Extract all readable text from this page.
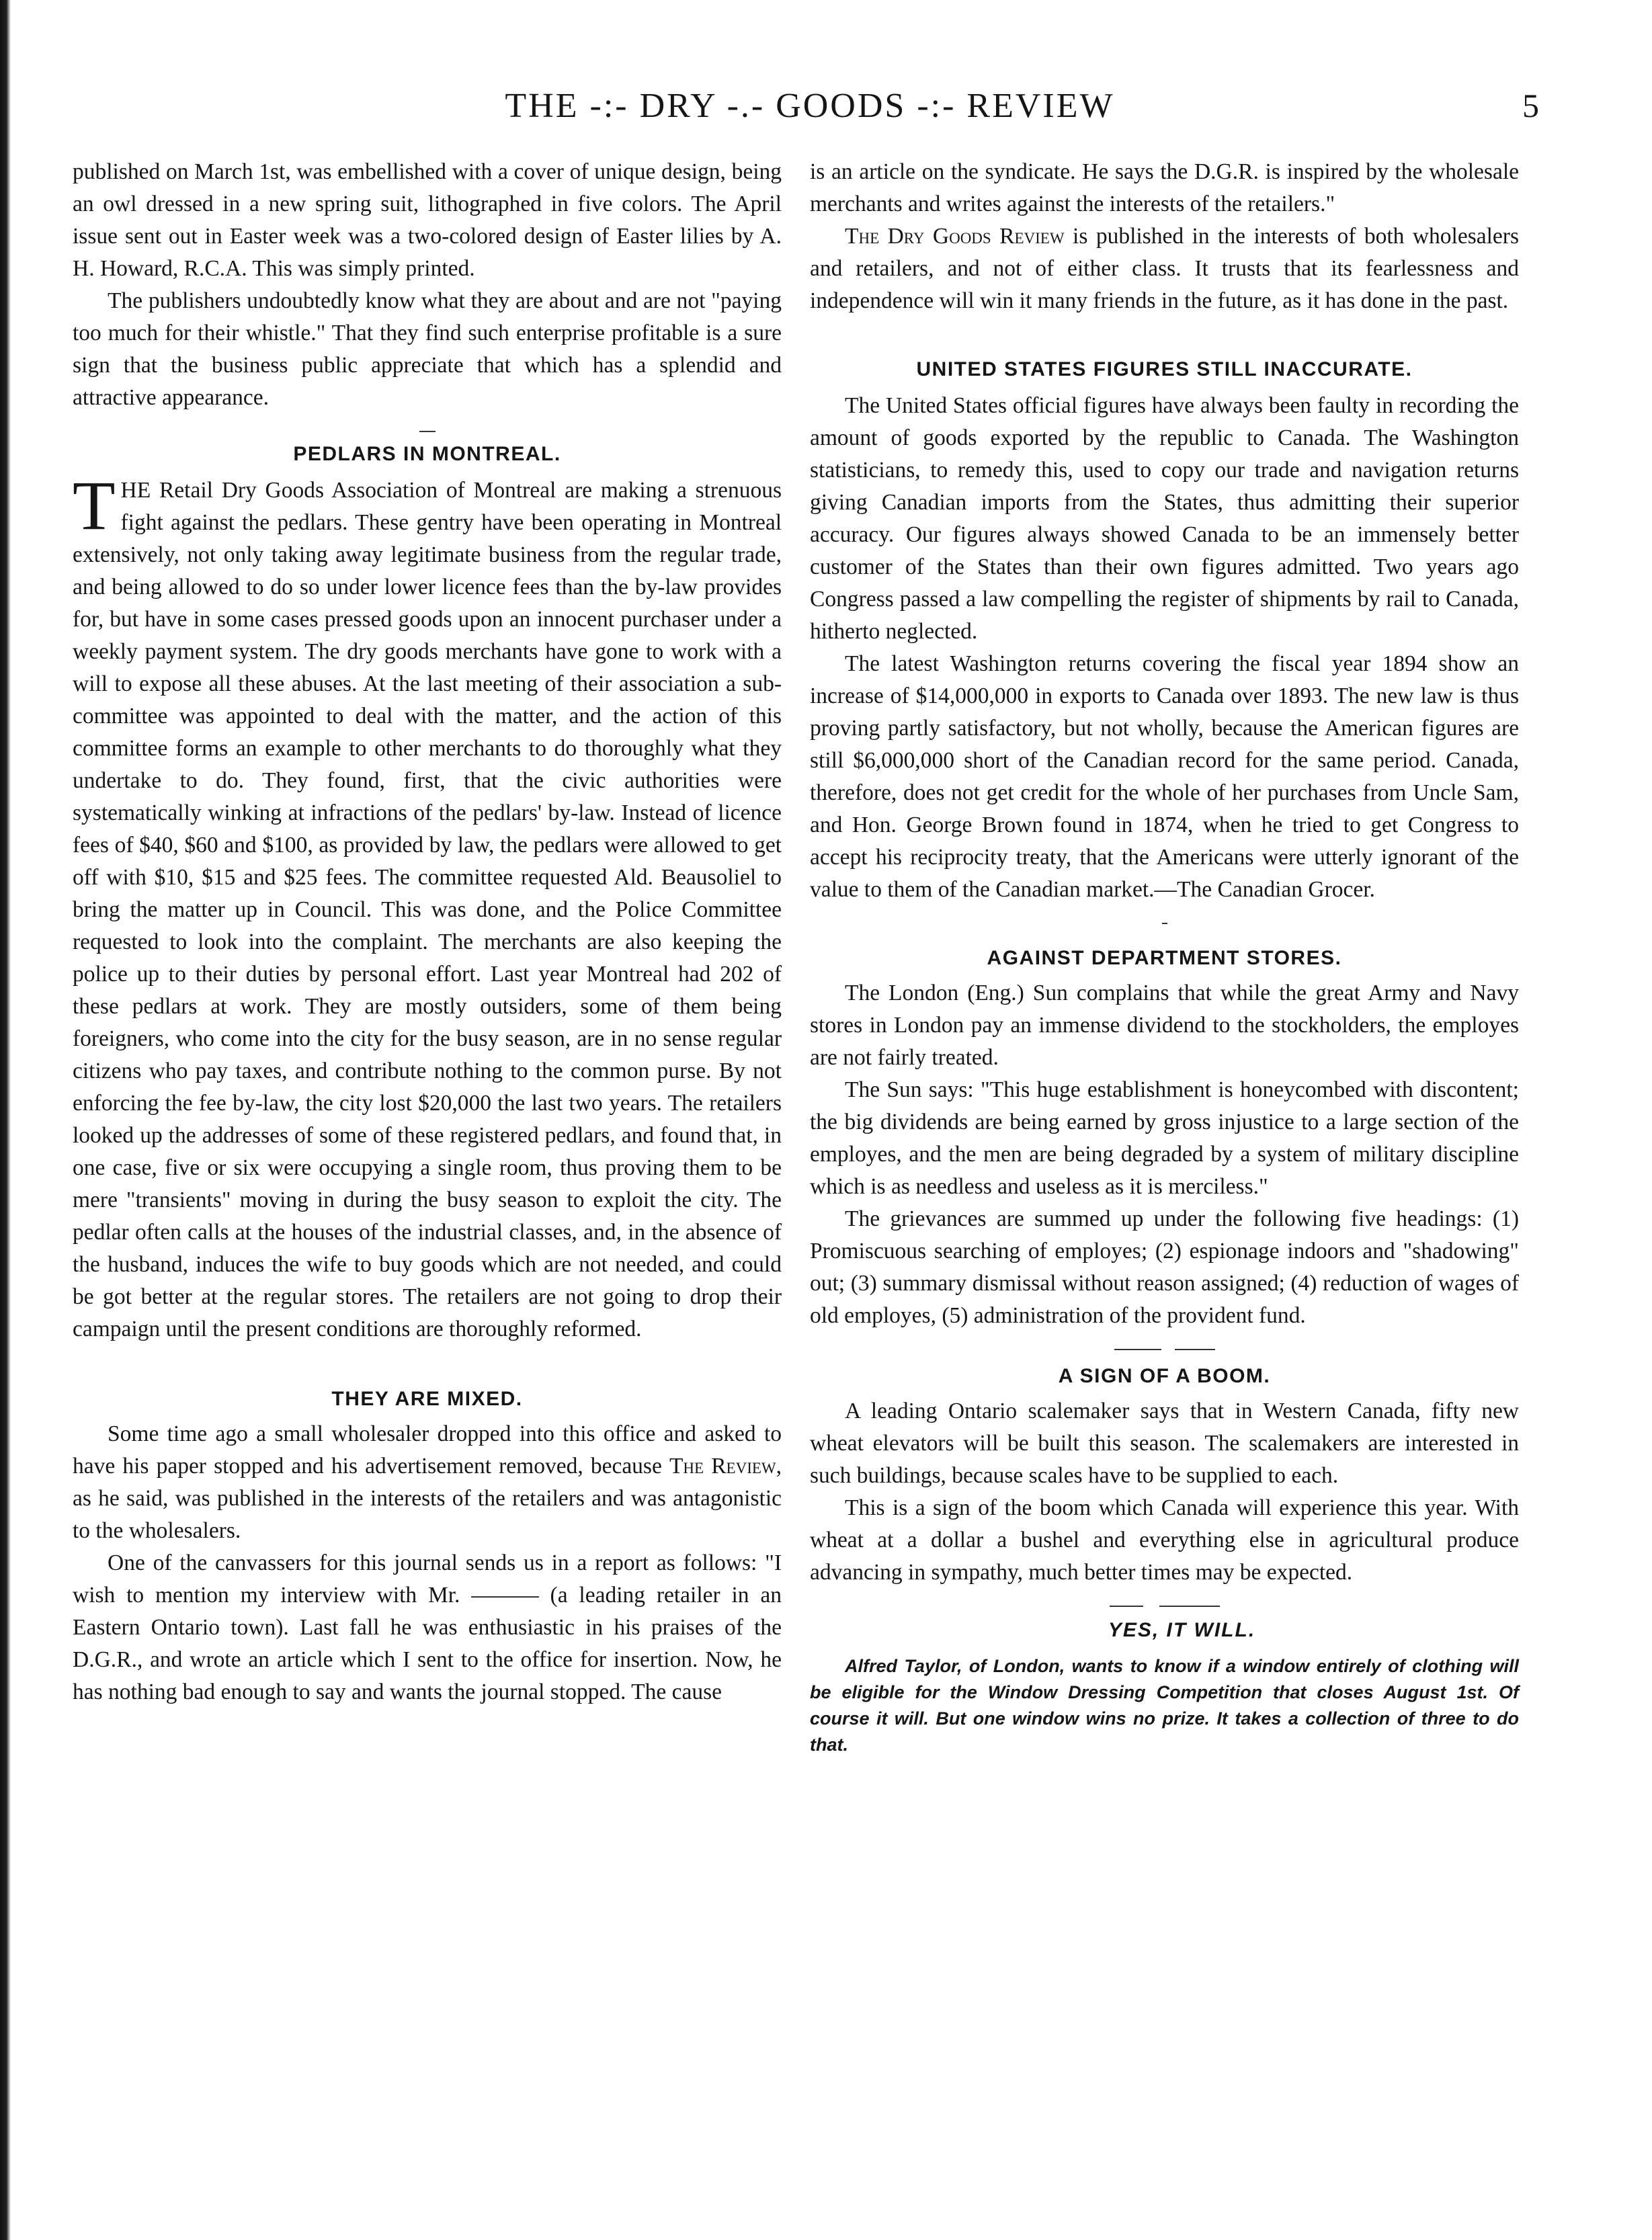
THE -:- DRY -.- GOODS -:- REVIEW	5

published on March 1st, was embellished with a cover of unique design, being an owl dressed in a new spring suit, lithographed in five colors. The April issue sent out in Easter week was a two-colored design of Easter lilies by A. H. Howard, R.C.A. This was simply printed.

The publishers undoubtedly know what they are about and are not "paying too much for their whistle." That they find such enterprise profitable is a sure sign that the business public appreciate that which has a splendid and attractive appearance.

PEDLARS IN MONTREAL.

THE Retail Dry Goods Association of Montreal are making a strenuous fight against the pedlars. These gentry have been operating in Montreal extensively, not only taking away legitimate business from the regular trade, and being allowed to do so under lower licence fees than the by-law provides for, but have in some cases pressed goods upon an innocent purchaser under a weekly payment system. The dry goods merchants have gone to work with a will to expose all these abuses. At the last meeting of their association a sub-committee was appointed to deal with the matter, and the action of this committee forms an example to other merchants to do thoroughly what they undertake to do. They found, first, that the civic authorities were systematically winking at infractions of the pedlars' by-law. Instead of licence fees of $40, $60 and $100, as provided by law, the pedlars were allowed to get off with $10, $15 and $25 fees. The committee requested Ald. Beausoliel to bring the matter up in Council. This was done, and the Police Committee requested to look into the complaint. The merchants are also keeping the police up to their duties by personal effort. Last year Montreal had 202 of these pedlars at work. They are mostly outsiders, some of them being foreigners, who come into the city for the busy season, are in no sense regular citizens who pay taxes, and contribute nothing to the common purse. By not enforcing the fee by-law, the city lost $20,000 the last two years. The retailers looked up the addresses of some of these registered pedlars, and found that, in one case, five or six were occupying a single room, thus proving them to be mere "transients" moving in during the busy season to exploit the city. The pedlar often calls at the houses of the industrial classes, and, in the absence of the husband, induces the wife to buy goods which are not needed, and could be got better at the regular stores. The retailers are not going to drop their campaign until the present conditions are thoroughly reformed.

THEY ARE MIXED.

Some time ago a small wholesaler dropped into this office and asked to have his paper stopped and his advertisement removed, because The Review, as he said, was published in the interests of the retailers and was antagonistic to the wholesalers.

One of the canvassers for this journal sends us in a report as follows: "I wish to mention my interview with Mr. ——— (a leading retailer in an Eastern Ontario town). Last fall he was enthusiastic in his praises of the D.G.R., and wrote an article which I sent to the office for insertion. Now, he has nothing bad enough to say and wants the journal stopped. The cause

is an article on the syndicate. He says the D.G.R. is inspired by the wholesale merchants and writes against the interests of the retailers."

The Dry Goods Review is published in the interests of both wholesalers and retailers, and not of either class. It trusts that its fearlessness and independence will win it many friends in the future, as it has done in the past.

UNITED STATES FIGURES STILL INACCURATE.

The United States official figures have always been faulty in recording the amount of goods exported by the republic to Canada. The Washington statisticians, to remedy this, used to copy our trade and navigation returns giving Canadian imports from the States, thus admitting their superior accuracy. Our figures always showed Canada to be an immensely better customer of the States than their own figures admitted. Two years ago Congress passed a law compelling the register of shipments by rail to Canada, hitherto neglected.

The latest Washington returns covering the fiscal year 1894 show an increase of $14,000,000 in exports to Canada over 1893. The new law is thus proving partly satisfactory, but not wholly, because the American figures are still $6,000,000 short of the Canadian record for the same period. Canada, therefore, does not get credit for the whole of her purchases from Uncle Sam, and Hon. George Brown found in 1874, when he tried to get Congress to accept his reciprocity treaty, that the Americans were utterly ignorant of the value to them of the Canadian market.—The Canadian Grocer.

AGAINST DEPARTMENT STORES.

The London (Eng.) Sun complains that while the great Army and Navy stores in London pay an immense dividend to the stockholders, the employes are not fairly treated.

The Sun says: "This huge establishment is honeycombed with discontent; the big dividends are being earned by gross injustice to a large section of the employes, and the men are being degraded by a system of military discipline which is as needless and useless as it is merciless."

The grievances are summed up under the following five headings: (1) Promiscuous searching of employes; (2) espionage indoors and "shadowing" out; (3) summary dismissal without reason assigned; (4) reduction of wages of old employes, (5) administration of the provident fund.

A SIGN OF A BOOM.

A leading Ontario scalemaker says that in Western Canada, fifty new wheat elevators will be built this season. The scalemakers are interested in such buildings, because scales have to be supplied to each.

This is a sign of the boom which Canada will experience this year. With wheat at a dollar a bushel and everything else in agricultural produce advancing in sympathy, much better times may be expected.

YES, IT WILL.

Alfred Taylor, of London, wants to know if a window entirely of clothing will be eligible for the Window Dressing Competition that closes August 1st. Of course it will. But one window wins no prize. It takes a collection of three to do that.
